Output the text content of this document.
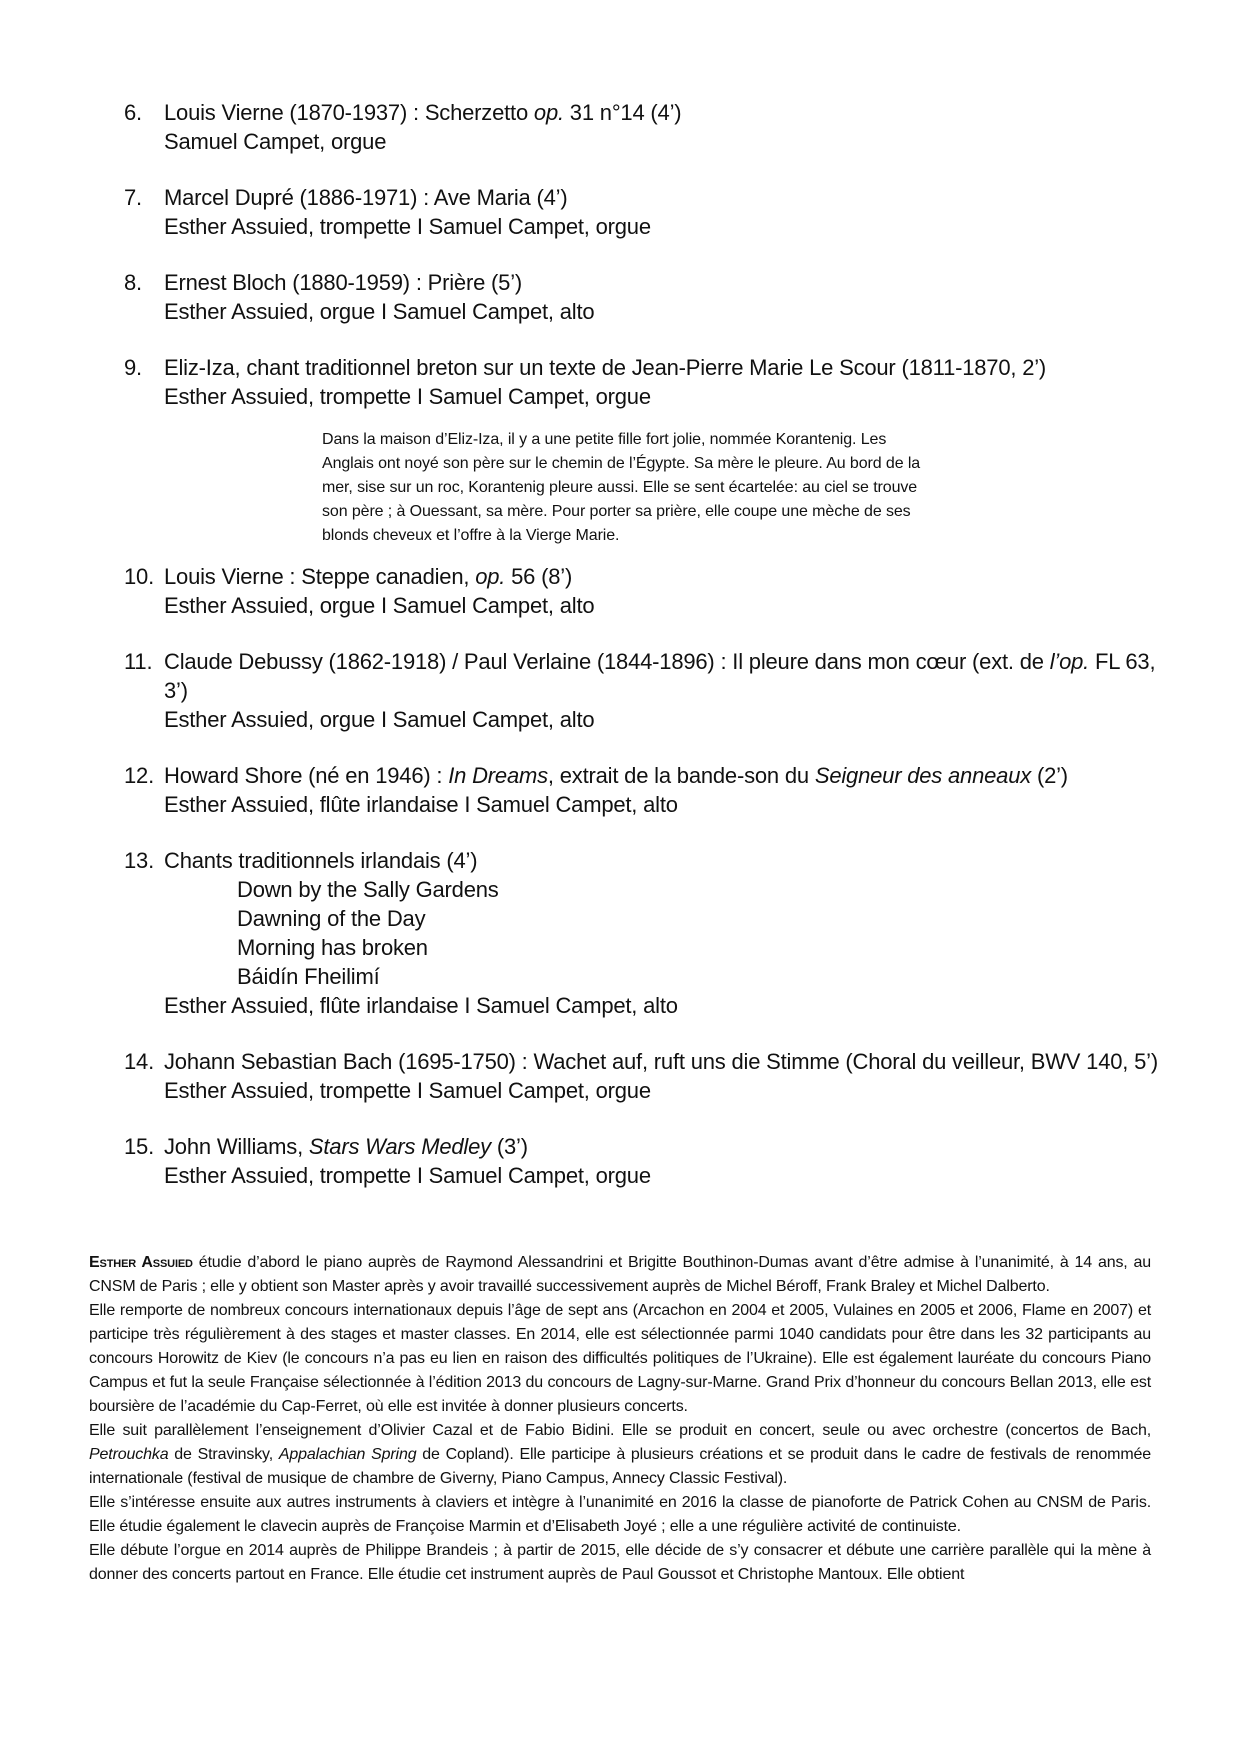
6.	Louis Vierne (1870-1937) : Scherzetto op. 31 n°14 (4’)
Samuel Campet, orgue
7.	Marcel Dupré (1886-1971) : Ave Maria (4’)
Esther Assuied, trompette I Samuel Campet, orgue
8.	Ernest Bloch (1880-1959) : Prière (5’)
Esther Assuied, orgue I Samuel Campet, alto
9.	Eliz-Iza, chant traditionnel breton sur un texte de Jean-Pierre Marie Le Scour (1811-1870, 2’)
Esther Assuied, trompette I Samuel Campet, orgue
Dans la maison d’Eliz-Iza, il y a une petite fille fort jolie, nommée Korantenig. Les Anglais ont noyé son père sur le chemin de l’Égypte. Sa mère le pleure. Au bord de la mer, sise sur un roc, Korantenig pleure aussi. Elle se sent écartelée: au ciel se trouve son père ; à Ouessant, sa mère. Pour porter sa prière, elle coupe une mèche de ses blonds cheveux et l’offre à la Vierge Marie.
10. Louis Vierne : Steppe canadien, op. 56 (8’)
Esther Assuied, orgue I Samuel Campet, alto
11. Claude Debussy (1862-1918) / Paul Verlaine (1844-1896) : Il pleure dans mon cœur (ext. de l’op. FL 63, 3’)
Esther Assuied, orgue I Samuel Campet, alto
12. Howard Shore (né en 1946) : In Dreams, extrait de la bande-son du Seigneur des anneaux (2’)
Esther Assuied, flûte irlandaise I Samuel Campet, alto
13. Chants traditionnels irlandais (4’)
Down by the Sally Gardens
Dawning of the Day
Morning has broken
Báidín Fheilimí
Esther Assuied, flûte irlandaise I Samuel Campet, alto
14. Johann Sebastian Bach (1695-1750) : Wachet auf, ruft uns die Stimme (Choral du veilleur, BWV 140, 5’)
Esther Assuied, trompette I Samuel Campet, orgue
15. John Williams, Stars Wars Medley (3’)
Esther Assuied, trompette I Samuel Campet, orgue

Esther Assuied étudie d’abord le piano auprès de Raymond Alessandrini et Brigitte Bouthinon-Dumas avant d’être admise à l’unanimité, à 14 ans, au CNSM de Paris ; elle y obtient son Master après y avoir travaillé successivement auprès de Michel Béroff, Frank Braley et Michel Dalberto.

Elle remporte de nombreux concours internationaux depuis l’âge de sept ans (Arcachon en 2004 et 2005, Vulaines en 2005 et 2006, Flame en 2007) et participe très régulièrement à des stages et master classes. En 2014, elle est sélectionnée parmi 1040 candidats pour être dans les 32 participants au concours Horowitz de Kiev (le concours n’a pas eu lien en raison des difficultés politiques de l’Ukraine). Elle est également lauréate du concours Piano Campus et fut la seule Française sélectionnée à l’édition 2013 du concours de Lagny-sur-Marne. Grand Prix d’honneur du concours Bellan 2013, elle est boursière de l’académie du Cap-Ferret, où elle est invitée à donner plusieurs concerts.

Elle suit parallèlement l’enseignement d’Olivier Cazal et de Fabio Bidini. Elle se produit en concert, seule ou avec orchestre (concertos de Bach, Petrouchka de Stravinsky, Appalachian Spring de Copland). Elle participe à plusieurs créations et se produit dans le cadre de festivals de renommée internationale (festival de musique de chambre de Giverny, Piano Campus, Annecy Classic Festival).

Elle s’intéresse ensuite aux autres instruments à claviers et intègre à l’unanimité en 2016 la classe de pianoforte de Patrick Cohen au CNSM de Paris. Elle étudie également le clavecin auprès de Françoise Marmin et d’Elisabeth Joyé ; elle a une régulière activité de continuiste.

Elle débute l’orgue en 2014 auprès de Philippe Brandeis ; à partir de 2015, elle décide de s’y consacrer et débute une carrière parallèle qui la mène à donner des concerts partout en France. Elle étudie cet instrument auprès de Paul Goussot et Christophe Mantoux. Elle obtient
